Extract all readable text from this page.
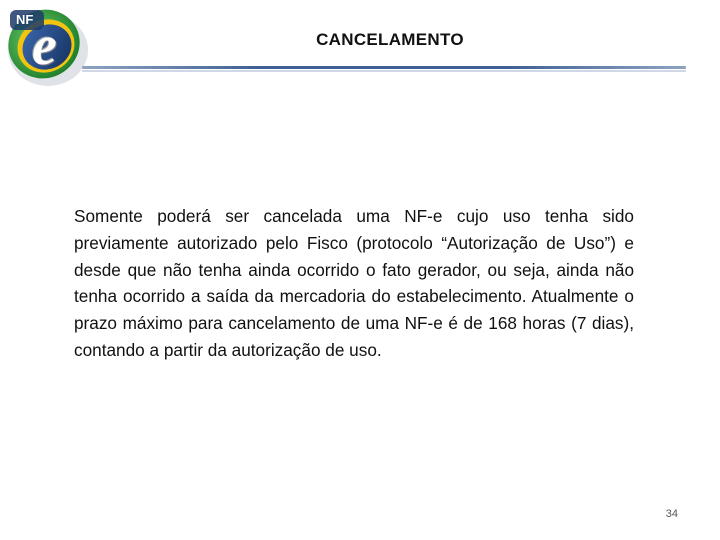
NF
e	CANCELAMENTO

Somente poderá ser cancelada uma NF-e cujo uso tenha sido previamente autorizado pelo Fisco (protocolo “Autorização de Uso”) e desde que não tenha ainda ocorrido o fato gerador, ou seja, ainda não tenha ocorrido a saída da mercadoria do estabelecimento. Atualmente o prazo máximo para cancelamento de uma NF-e é de 168 horas (7 dias), contando a partir da autorização de uso.

34
